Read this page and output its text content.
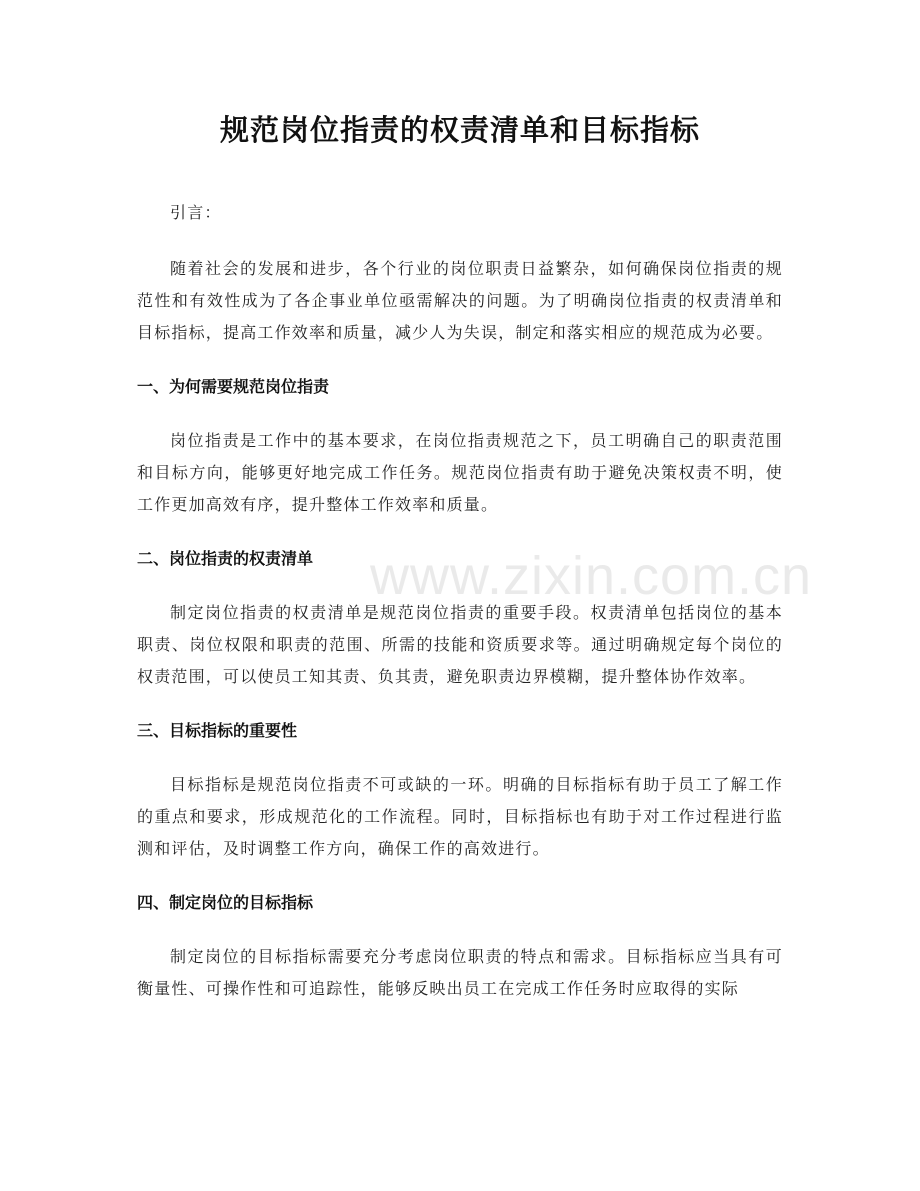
规范岗位指责的权责清单和目标指标

引言：

随着社会的发展和进步，各个行业的岗位职责日益繁杂，如何确保岗位指责的规范性和有效性成为了各企事业单位亟需解决的问题。为了明确岗位指责的权责清单和目标指标，提高工作效率和质量，减少人为失误，制定和落实相应的规范成为必要。

一、为何需要规范岗位指责

岗位指责是工作中的基本要求，在岗位指责规范之下，员工明确自己的职责范围和目标方向，能够更好地完成工作任务。规范岗位指责有助于避免决策权责不明，使工作更加高效有序，提升整体工作效率和质量。

二、岗位指责的权责清单

制定岗位指责的权责清单是规范岗位指责的重要手段。权责清单包括岗位的基本职责、岗位权限和职责的范围、所需的技能和资质要求等。通过明确规定每个岗位的权责范围，可以使员工知其责、负其责，避免职责边界模糊，提升整体协作效率。

三、目标指标的重要性

目标指标是规范岗位指责不可或缺的一环。明确的目标指标有助于员工了解工作的重点和要求，形成规范化的工作流程。同时，目标指标也有助于对工作过程进行监测和评估，及时调整工作方向，确保工作的高效进行。

四、制定岗位的目标指标

制定岗位的目标指标需要充分考虑岗位职责的特点和需求。目标指标应当具有可衡量性、可操作性和可追踪性，能够反映出员工在完成工作任务时应取得的实际

www.zixin.com.cn
